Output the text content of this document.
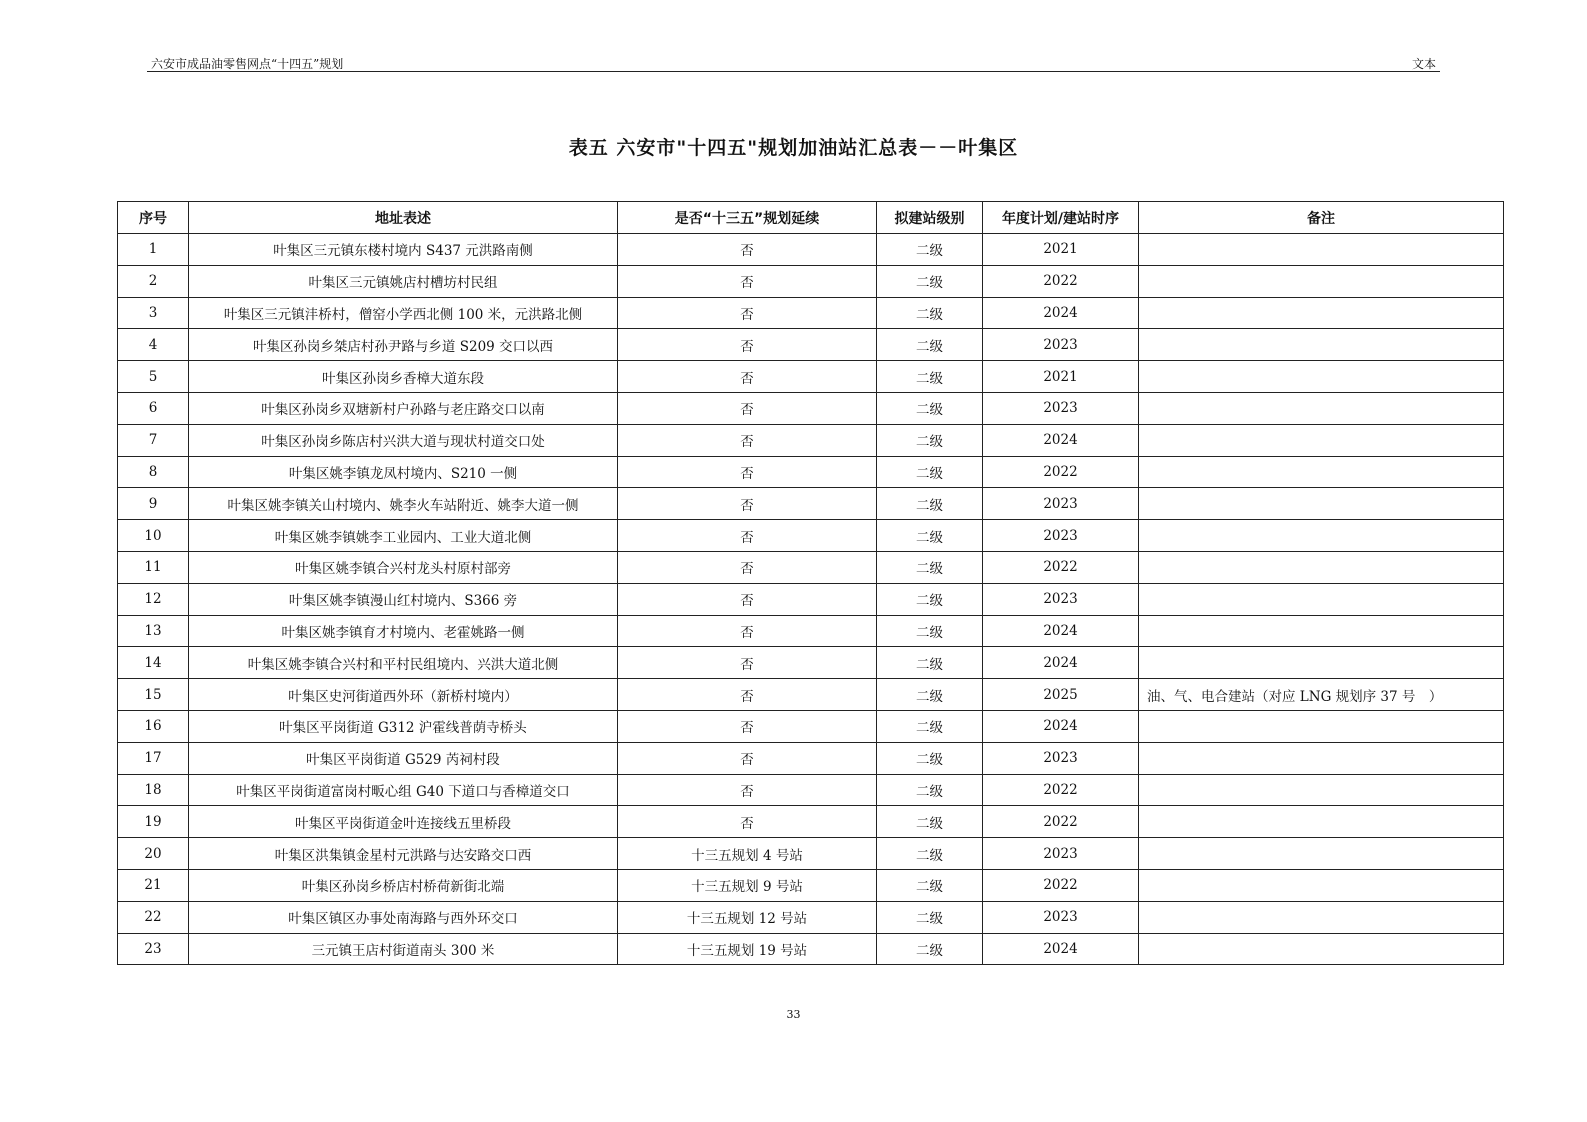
六安市成品油零售网点“十四五”规划	文本
表五 六安市"十四五"规划加油站汇总表－－叶集区
序号	地址表述	是否“十三五”规划延续	拟建站级别	年度计划/建站时序	备注
1	叶集区三元镇东楼村境内 S437 元洪路南侧	否	二级	2021	
2	叶集区三元镇姚店村槽坊村民组	否	二级	2022	
3	叶集区三元镇沣桥村，僧窑小学西北侧 100 米，元洪路北侧	否	二级	2024	
4	叶集区孙岗乡桀店村孙尹路与乡道 S209 交口以西	否	二级	2023	
5	叶集区孙岗乡香樟大道东段	否	二级	2021	
6	叶集区孙岗乡双塘新村户孙路与老庄路交口以南	否	二级	2023	
7	叶集区孙岗乡陈店村兴洪大道与现状村道交口处	否	二级	2024	
8	叶集区姚李镇龙凤村境内、S210 一侧	否	二级	2022	
9	叶集区姚李镇关山村境内、姚李火车站附近、姚李大道一侧	否	二级	2023	
10	叶集区姚李镇姚李工业园内、工业大道北侧	否	二级	2023	
11	叶集区姚李镇合兴村龙头村原村部旁	否	二级	2022	
12	叶集区姚李镇漫山红村境内、S366 旁	否	二级	2023	
13	叶集区姚李镇育才村境内、老霍姚路一侧	否	二级	2024	
14	叶集区姚李镇合兴村和平村民组境内、兴洪大道北侧	否	二级	2024	
15	叶集区史河街道西外环（新桥村境内）	否	二级	2025	油、气、电合建站（对应 LNG 规划序 37 号　）
16	叶集区平岗街道 G312 沪霍线普荫寺桥头	否	二级	2024	
17	叶集区平岗街道 G529 芮祠村段	否	二级	2023	
18	叶集区平岗街道富岗村畈心组 G40 下道口与香樟道交口	否	二级	2022	
19	叶集区平岗街道金叶连接线五里桥段	否	二级	2022	
20	叶集区洪集镇金星村元洪路与达安路交口西	十三五规划 4 号站	二级	2023	
21	叶集区孙岗乡桥店村桥荷新街北端	十三五规划 9 号站	二级	2022	
22	叶集区镇区办事处南海路与西外环交口	十三五规划 12 号站	二级	2023	
23	三元镇王店村街道南头 300 米	十三五规划 19 号站	二级	2024	
33
